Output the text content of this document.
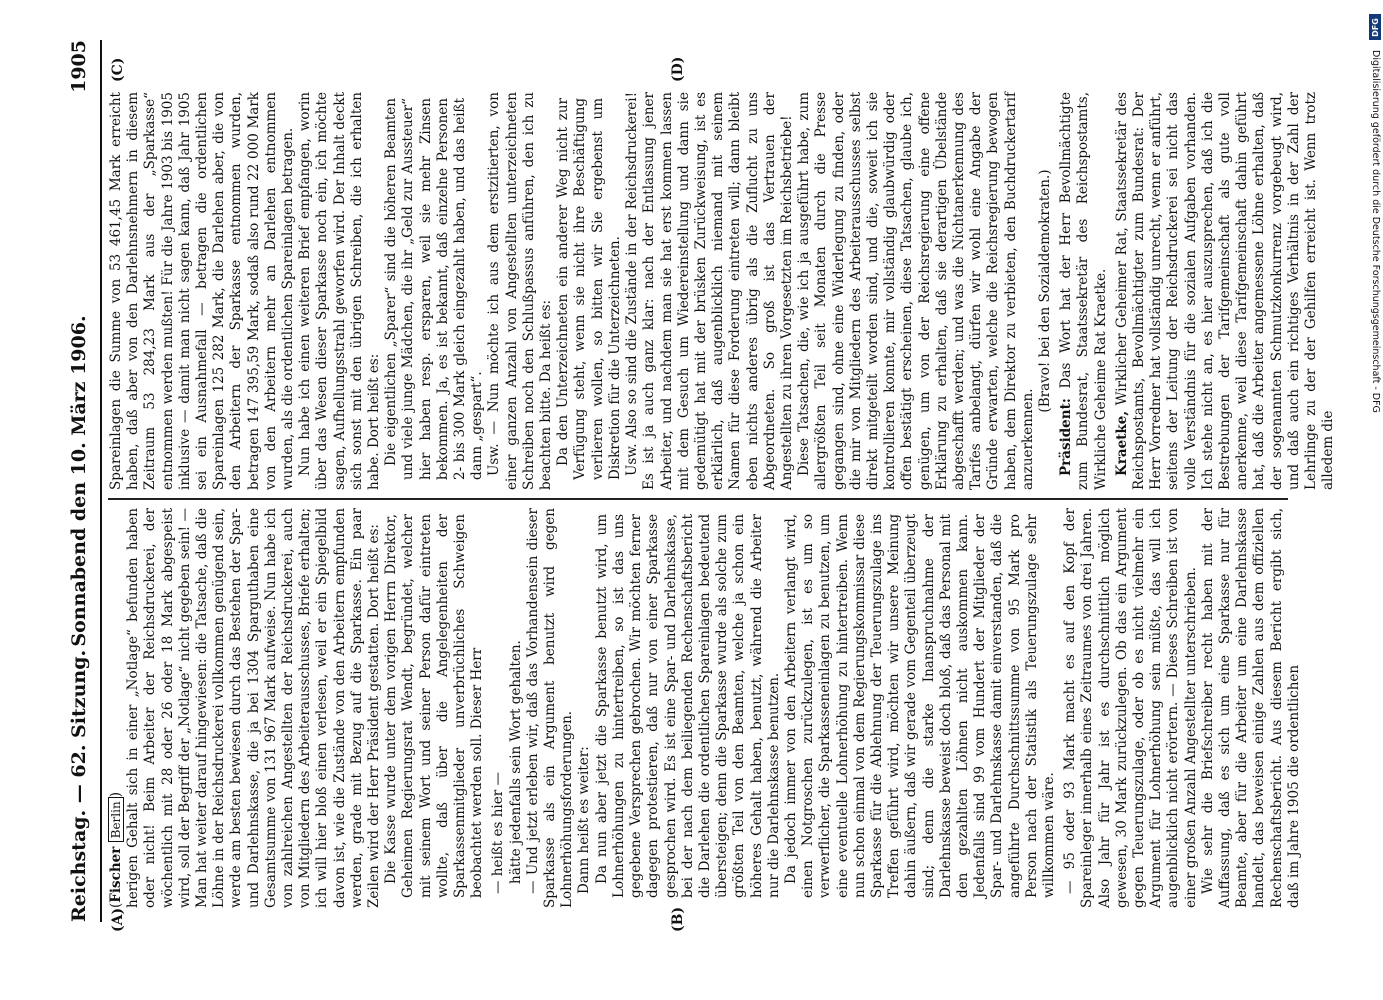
Reichstag. — 62. Sitzung.
Sonnabend den 10. März 1906.
1905
(A)	(B)
(C)	(D)

(Fischer Berlin) herigen Gehalt sich in einer „Notlage“ befunden haben oder nicht! Beim Arbeiter der Reichsdruckerei, der wöchentlich mit 28 oder 26 oder 18 Mark abgespeist wird, soll der Begriff der „Notlage“ nicht gegeben sein! — Man hat weiter darauf hingewiesen: die Tatsache, daß die Löhne in der Reichsdruckerei vollkommen genügend sein, werde am besten bewiesen durch das Bestehen der Spar- und Darlehnskasse, die ja bei 1304 Sparguthaben eine Gesamtsumme von 131 967 Mark aufweise. Nun habe ich von zahlreichen Angestellten der Reichsdruckerei, auch von Mitgliedern des Arbeiterausschusses, Briefe erhalten; ich will hier bloß einen verlesen, weil er ein Spiegelbild davon ist, wie die Zustände von den Arbeitern empfunden werden, grade mit Bezug auf die Sparkasse. Ein paar Zeilen wird der Herr Präsident gestatten. Dort heißt es: Die Kasse wurde unter dem vorigen Herrn Direktor, Geheimen Regierungsrat Wendt, begründet, welcher mit seinem Wort und seiner Person dafür eintreten wollte, daß über die Angelegenheiten der Sparkassenmitglieder unverbrüchliches Schweigen beobachtet werden soll. Dieser Herr — heißt es hier — hätte jedenfalls sein Wort gehalten. — Und jetzt erleben wir, daß das Vorhandensein dieser Sparkasse als ein Argument benutzt wird gegen Lohnerhöhungsforderungen. Dann heißt es weiter: Da nun aber jetzt die Sparkasse benutzt wird, um Lohnerhöhungen zu hintertreiben, so ist das uns gegebene Versprechen gebrochen. Wir möchten ferner dagegen protestieren, daß nur von einer Sparkasse gesprochen wird. Es ist eine Spar- und Darlehnskasse, bei der nach dem beiliegenden Rechenschaftsbericht die Darlehen die ordentlichen Spareinlagen bedeutend übersteigen; denn die Sparkasse wurde als solche zum größten Teil von den Beamten, welche ja schon ein höheres Gehalt haben, benutzt, während die Arbeiter nur die Darlehnskasse benutzen. Da jedoch immer von den Arbeitern verlangt wird, einen Notgroschen zurückzulegen, ist es um so verwerflicher, die Sparkasseneinlagen zu benutzen, um eine eventuelle Lohnerhöhung zu hintertreiben. Wenn nun schon einmal von dem Regierungskommissar diese Sparkasse für die Ablehnung der Teuerungszulage ins Treffen geführt wird, möchten wir unsere Meinung dahin äußern, daß wir gerade vom Gegenteil überzeugt sind; denn die starke Inanspruchnahme der Darlehnskasse beweist doch bloß, daß das Personal mit den gezahlten Löhnen nicht auskommen kann. Jedenfalls sind 99 vom Hundert der Mitglieder der Spar- und Darlehnskasse damit einverstanden, daß die angeführte Durchschnittssumme von 95 Mark pro Person nach der Statistik als Teuerungszulage sehr willkommen wäre. — 95 oder 93 Mark macht es auf den Kopf der Spareinleger innerhalb eines Zeitraumes von drei Jahren. Also Jahr für Jahr ist es durchschnittlich möglich gewesen, 30 Mark zurückzulegen. Ob das ein Argument gegen Teuerungszulage, oder ob es nicht vielmehr ein Argument für Lohnerhöhung sein müßte, das will ich augenblicklich nicht erörtern. — Dieses Schreiben ist von einer großen Anzahl Angestellter unterschrieben. Wie sehr die Briefschreiber recht haben mit der Auffassung, daß es sich um eine Sparkasse nur für Beamte, aber für die Arbeiter um eine Darlehnskasse handelt, das beweisen einige Zahlen aus dem offiziellen Rechenschaftsbericht. Aus diesem Bericht ergibt sich, daß im Jahre 1905 die ordentlichen

Spareinlagen die Summe von 53 461,45 Mark erreicht haben, daß aber von den Darlehnsnehmern in diesem Zeitraum 53 284,23 Mark aus der „Sparkasse“ entnommen werden mußten! Für die Jahre 1903 bis 1905 inklusive — damit man nicht sagen kann, daß Jahr 1905 sei ein Ausnahmefall — betragen die ordentlichen Spareinlagen 125 282 Mark, die Darlehen aber, die von den Arbeitern der Sparkasse entnommen wurden, betragen 147 395,59 Mark, sodaß also rund 22 000 Mark von den Arbeitern mehr an Darlehen entnommen wurden, als die ordentlichen Spareinlagen betragen. Nun habe ich einen weiteren Brief empfangen, worin über das Wesen dieser Sparkasse noch ein, ich möchte sagen, Aufhellungsstrahl geworfen wird. Der Inhalt deckt sich sonst mit den übrigen Schreiben, die ich erhalten habe. Dort heißt es: Die eigentlichen „Sparer“ sind die höheren Beamten und viele junge Mädchen, die ihr „Geld zur Aussteuer“ hier haben resp. ersparen, weil sie mehr Zinsen bekommen. Ja, es ist bekannt, daß einzelne Personen 2- bis 300 Mark gleich eingezahlt haben, und das heißt dann „gespart“. Usw. — Nun möchte ich aus dem erstzitierten, von einer ganzen Anzahl von Angestellten unterzeichneten Schreiben noch den Schlußpassus anführen, den ich zu beachten bitte. Da heißt es: Da den Unterzeichneten ein anderer Weg nicht zur Verfügung steht, wenn sie nicht ihre Beschäftigung verlieren wollen, so bitten wir Sie ergebenst um Diskretion für die Unterzeichneten. Usw. Also so sind die Zustände in der Reichsdruckerei! Es ist ja auch ganz klar: nach der Entlassung jener Arbeiter, und nachdem man sie hat erst kommen lassen mit dem Gesuch um Wiedereinstellung und dann sie gedemütigt hat mit der brüsken Zurückweisung, ist es erklärlich, daß augenblicklich niemand mit seinem Namen für diese Forderung eintreten will; dann bleibt eben nichts anderes übrig als die Zuflucht zu uns Abgeordneten. So groß ist das Vertrauen der Angestellten zu ihren Vorgesetzten im Reichsbetriebe! Diese Tatsachen, die, wie ich ja ausgeführt habe, zum allergrößten Teil seit Monaten durch die Presse gegangen sind, ohne eine Widerlegung zu finden, oder die mir von Mitgliedern des Arbeiterausschusses selbst direkt mitgeteilt worden sind, und die, soweit ich sie kontrollieren konnte, mir vollständig glaubwürdig oder offen bestätigt erscheinen, diese Tatsachen, glaube ich, genügen, um von der Reichsregierung eine offene Erklärung zu erhalten, daß sie derartigen Übelstände abgeschafft werden; und was die Nichtanerkennung des Tarifes anbelangt, dürfen wir wohl eine Angabe der Gründe erwarten, welche die Reichsregierung bewogen haben, dem Direktor zu verbieten, den Buchdruckertarif anzuerkennen.

(Bravo! bei den Sozialdemokraten.)

Präsident: Das Wort hat der Herr Bevollmächtigte zum Bundesrat, Staatssekretär des Reichspostamts, Wirkliche Geheime Rat Kraetke. Kraetke, Wirklicher Geheimer Rat, Staatssekretär des Reichspostamts, Bevollmächtigter zum Bundesrat: Der Herr Vorredner hat vollständig unrecht, wenn er anführt, seitens der Leitung der Reichsdruckerei sei nicht das volle Verständnis für die sozialen Aufgaben vorhanden. Ich stehe nicht an, es hier auszusprechen, daß ich die Bestrebungen der Tarifgemeinschaft als gute voll anerkenne, weil diese Tarifgemeinschaft dahin geführt hat, daß die Arbeiter angemessene Löhne erhalten, daß der sogenannten Schmutzkonkurrenz vorgebeugt wird, und daß auch ein richtiges Verhältnis in der Zahl der Lehrlinge zu der der Gehilfen erreicht ist. Wenn trotz alledem die

DFG
Digitalisierung gefördert durch die Deutsche Forschungsgemeinschaft - DFG
